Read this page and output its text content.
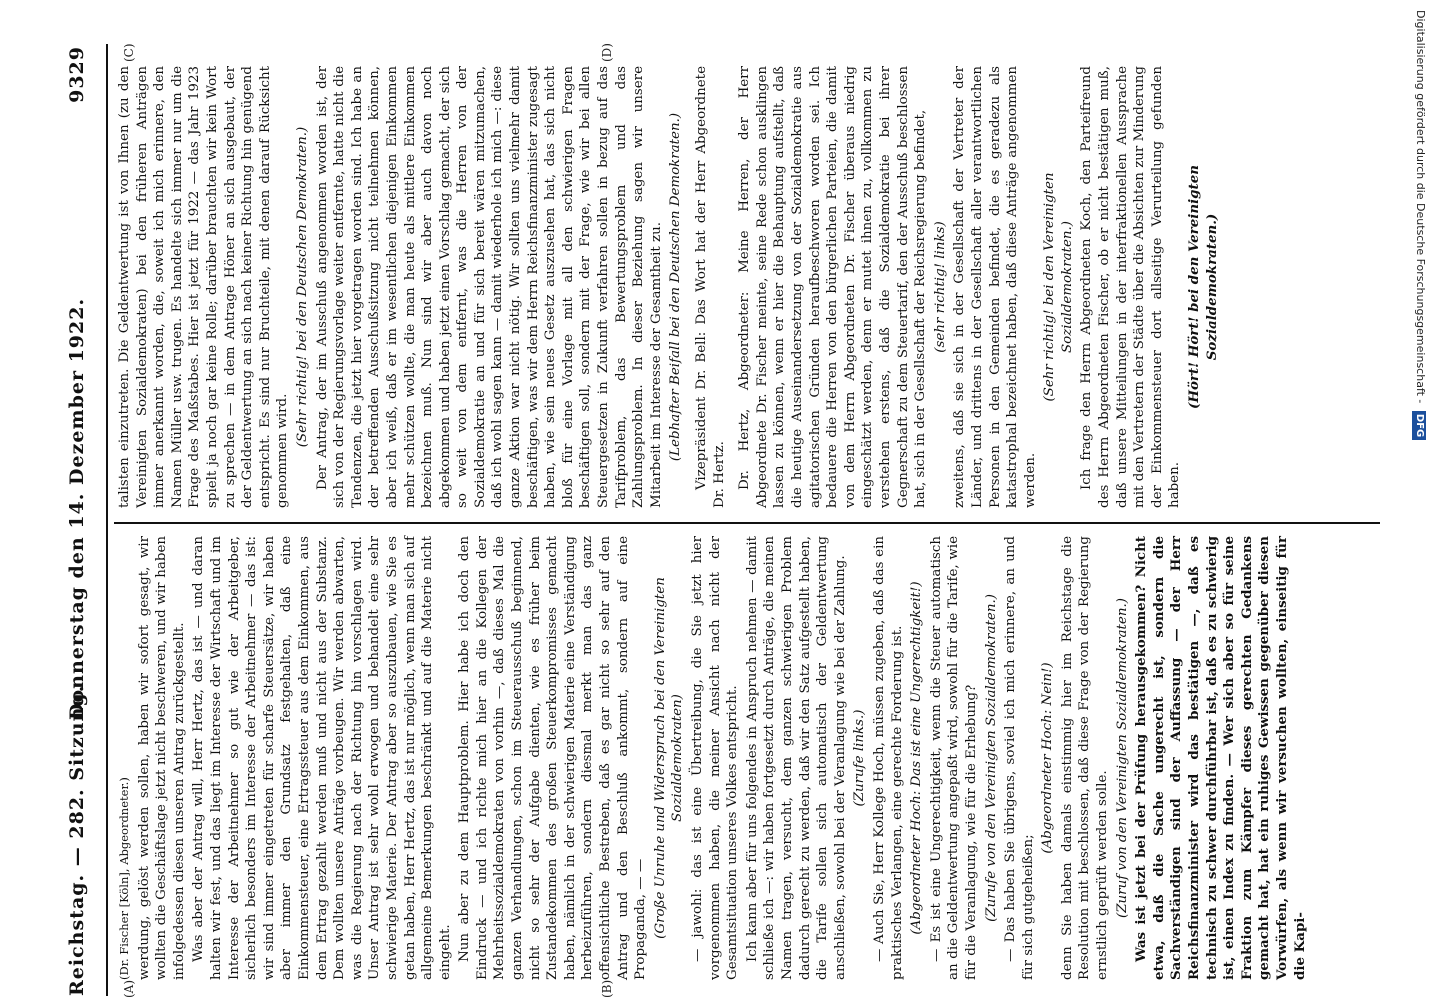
Reichstag. — 282. Sitzung.
Donnerstag den 14. Dezember 1922.
9329
(A)	(B)
(C)	(D)

(Dr. Fischer [Köln], Abgeordneter.) werdung, gelöst werden sollen, haben wir sofort gesagt, wir wollten die Geschäftslage jetzt nicht beschweren, und wir haben infolgedessen diesen unseren Antrag zurückgestellt. Was aber der Antrag will, Herr Hertz, das ist — und daran halten wir fest, und das liegt im Interesse der Wirtschaft und im Interesse der Arbeitnehmer so gut wie der Arbeitgeber, sicherlich besonders im Interesse der Arbeitnehmer — das ist: wir sind immer eingetreten für scharfe Steuersätze, wir haben aber immer den Grundsatz festgehalten, daß eine Einkommensteuer, eine Ertragssteuer aus dem Einkommen, aus dem Ertrag gezahlt werden muß und nicht aus der Substanz. Dem wollten unsere Anträge vorbeugen. Wir werden abwarten, was die Regierung nach der Richtung hin vorschlagen wird. Unser Antrag ist sehr wohl erwogen und behandelt eine sehr schwierige Materie. Der Antrag aber so auszubauen, wie Sie es getan haben, Herr Hertz, das ist nur möglich, wenn man sich auf allgemeine Bemerkungen beschränkt und auf die Materie nicht eingeht. Nun aber zu dem Hauptproblem. Hier habe ich doch den Eindruck — und ich richte mich hier an die Kollegen der Mehrheitssozialdemokraten von vorhin —, daß dieses Mal die ganzen Verhandlungen, schon im Steuerausschuß beginnend, nicht so sehr der Aufgabe dienten, wie es früher beim Zustandekommen des großen Steuerkompromisses gemacht haben, nämlich in der schwierigen Materie eine Verständigung herbeizuführen, sondern diesmal merkt man das ganz offensichtliche Bestreben, daß es gar nicht so sehr auf den Antrag und den Beschluß ankommt, sondern auf eine Propaganda, — — (Große Unruhe und Widerspruch bei den Vereinigten Sozialdemokraten) — jawohl: das ist eine Übertreibung, die Sie jetzt hier vorgenommen haben, die meiner Ansicht nach nicht der Gesamtsituation unseres Volkes entspricht. Ich kann aber für uns folgendes in Anspruch nehmen — damit schließe ich —: wir haben fortgesetzt durch Anträge, die meinen Namen tragen, versucht, dem ganzen schwierigen Problem dadurch gerecht zu werden, daß wir den Satz aufgestellt haben, die Tarife sollen sich automatisch der Geldentwertung anschließen, sowohl bei der Veranlagung wie bei der Zahlung. (Zurufe links.) — Auch Sie, Herr Kollege Hoch, müssen zugeben, daß das ein praktisches Verlangen, eine gerechte Forderung ist. (Abgeordneter Hoch: Das ist eine Ungerechtigkeit!) — Es ist eine Ungerechtigkeit, wenn die Steuer automatisch an die Geldentwertung angepaßt wird, sowohl für die Tarife, wie für die Veranlagung, wie für die Erhebung? (Zurufe von den Vereinigten Sozialdemokraten.) — Das haben Sie übrigens, soviel ich mich erinnere, an und für sich gutgeheißen;

(Abgeordneter Hoch: Nein!) denn Sie haben damals einstimmig hier im Reichstage die Resolution mit beschlossen, daß diese Frage von der Regierung ernstlich geprüft werden solle. (Zuruf von den Vereinigten Sozialdemokraten.) Was ist jetzt bei der Prüfung herausgekommen? Nicht etwa, daß die Sache ungerecht ist, sondern die Sachverständigen sind der Auffassung — der Herr Reichsfinanzminister wird das bestätigen —, daß es technisch zu schwer durchführbar ist, daß es zu schwierig ist, einen Index zu finden. — Wer sich aber so für seine Fraktion zum Kämpfer dieses gerechten Gedankens gemacht hat, hat ein ruhiges Gewissen gegenüber diesen Vorwürfen, als wenn wir versuchen wollten, einseitig für die Kapi-

talisten einzutreten. Die Geldentwertung ist von Ihnen (zu den Vereinigten Sozialdemokraten) bei den früheren Anträgen immer anerkannt worden, die, soweit ich mich erinnere, den Namen Müller usw. trugen. Es handelte sich immer nur um die Frage des Maßstabes. Hier ist jetzt für 1922 — das Jahr 1923 spielt ja noch gar keine Rolle; darüber brauchten wir kein Wort zu sprechen — in dem Antrage Höner an sich ausgebaut, der der Geldentwertung an sich nach keiner Richtung hin genügend entspricht. Es sind nur Bruchteile, mit denen darauf Rücksicht genommen wird.

(Sehr richtig! bei den Deutschen Demokraten.) Der Antrag, der im Ausschuß angenommen worden ist, der sich von der Regierungsvorlage weiter entfernte, hatte nicht die Tendenzen, die jetzt hier vorgetragen worden sind. Ich habe an der betreffenden Ausschußsitzung nicht teilnehmen können, aber ich weiß, daß er im wesentlichen diejenigen Einkommen mehr schützen wollte, die man heute als mittlere Einkommen bezeichnen muß. Nun sind wir aber auch davon noch abgekommen und haben jetzt einen Vorschlag gemacht, der sich so weit von dem entfernt, was die Herren von der Sozialdemokratie an und für sich bereit wären mitzumachen, daß ich wohl sagen kann — damit wiederhole ich mich —: diese ganze Aktion war nicht nötig. Wir sollten uns vielmehr damit beschäftigen, was wir dem Herrn Reichsfinanzminister zugesagt haben, wie sein neues Gesetz auszusehen hat, das sich nicht bloß für eine Vorlage mit all den schwierigen Fragen beschäftigen soll, sondern mit der Frage, wie wir bei allen Steuergesetzen in Zukunft verfahren sollen in bezug auf das Tarifproblem, das Bewertungsproblem und das Zahlungsproblem. In dieser Beziehung sagen wir unsere Mitarbeit im Interesse der Gesamtheit zu. (Lebhafter Beifall bei den Deutschen Demokraten.) Vizepräsident Dr. Bell: Das Wort hat der Herr Abgeordnete Dr. Hertz. Dr. Hertz, Abgeordneter: Meine Herren, der Herr Abgeordnete Dr. Fischer meinte, seine Rede schon ausklingen lassen zu können, wenn er hier die Behauptung aufstellt, daß die heutige Auseinandersetzung von der Sozialdemokratie aus agitatorischen Gründen heraufbeschworen worden sei. Ich bedauere die Herren von den bürgerlichen Parteien, die damit von dem Herrn Abgeordneten Dr. Fischer überaus niedrig eingeschätzt werden, denn er mutet ihnen zu, vollkommen zu verstehen erstens, daß die Sozialdemokratie bei ihrer Gegnerschaft zu dem Steuertarif, den der Ausschuß beschlossen hat, sich in der Gesellschaft der Reichsregierung befindet, (sehr richtig! links) zweitens, daß sie sich in der Gesellschaft der Vertreter der Länder, und drittens in der Gesellschaft aller verantwortlichen Personen in den Gemeinden befindet, die es geradezu als katastrophal bezeichnet haben, daß diese Anträge angenommen werden.

(Sehr richtig! bei den Vereinigten Sozialdemokraten.) Ich frage den Herrn Abgeordneten Koch, den Parteifreund des Herrn Abgeordneten Fischer, ob er nicht bestätigen muß, daß unsere Mitteilungen in der interfraktionellen Aussprache mit den Vertretern der Städte über die Absichten zur Minderung der Einkommensteuer dort allseitige Verurteilung gefunden haben.

(Hört! Hört! bei den Vereinigten Sozialdemokraten.)	Digitalisierung gefördert durch die Deutsche Forschungsgemeinschaft - DFG
